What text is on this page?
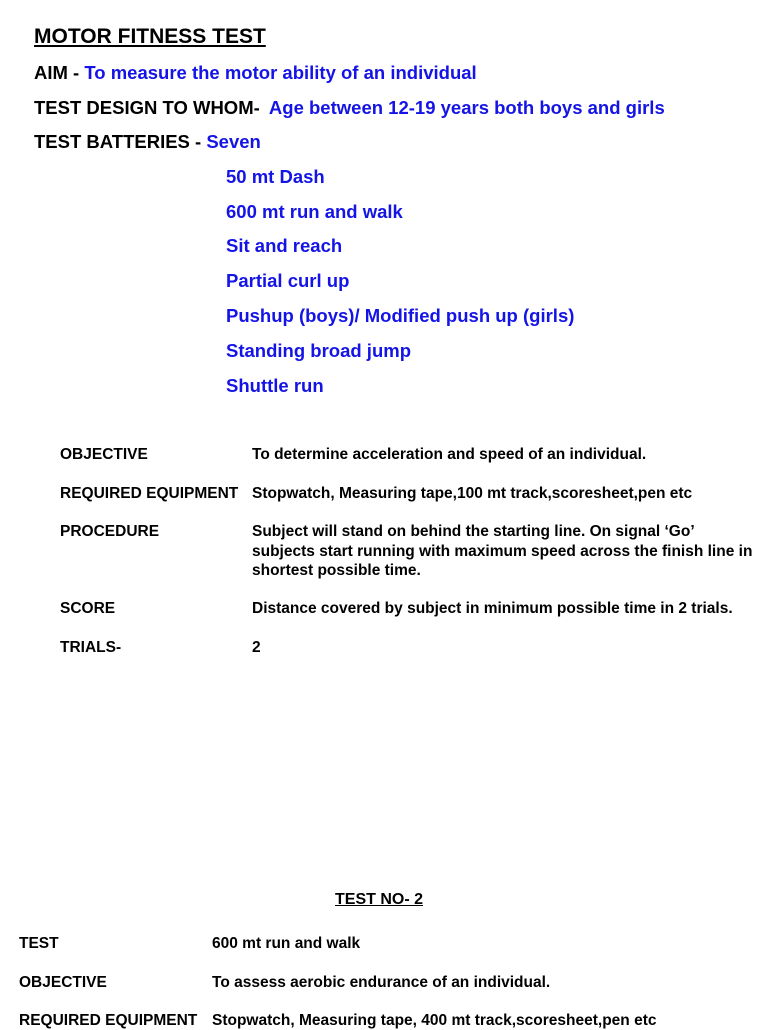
MOTOR FITNESS TEST
AIM - To measure the motor ability of an individual
TEST DESIGN TO WHOM- Age between 12-19 years both boys and girls
TEST BATTERIES - Seven
50 mt Dash
600 mt run and walk
Sit and reach
Partial curl up
Pushup (boys)/ Modified push up (girls)
Standing broad jump
Shuttle run
OBJECTIVE	To determine acceleration and speed of an individual.
REQUIRED EQUIPMENT Stopwatch, Measuring tape,100 mt track,scoresheet,pen etc
PROCEDURE	Subject will stand on behind the starting line. On signal ‘Go’ subjects start running with maximum speed across the finish line in shortest possible time.
SCORE	Distance covered by subject in minimum possible time in 2 trials.
TRIALS-	2
TEST NO- 2
TEST	600 mt run and walk
OBJECTIVE	To assess aerobic endurance of an individual.
REQUIRED EQUIPMENT Stopwatch, Measuring tape, 400 mt track,scoresheet,pen etc
